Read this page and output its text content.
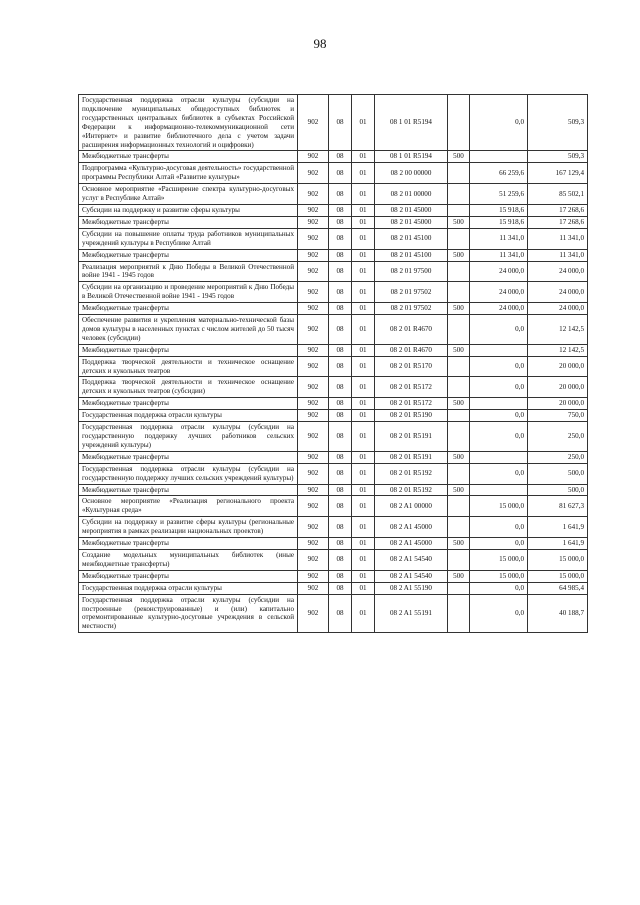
98
Государственная поддержка отрасли культуры (субсидии на подключение муниципальных общедоступных библиотек и государственных центральных библиотек в субъектах Российской Федерации к информационно-телекоммуникационной сети «Интернет» и развитие библиотечного дела с учетом задачи расширения информационных технологий и оцифровки)	902	08	01	08 1 01 R5194		0,0	509,3
Межбюджетные трансферты	902	08	01	08 1 01 R5194	500		509,3
Подпрограмма «Культурно-досуговая деятельность» государственной программы Республики Алтай «Развитие культуры»	902	08	01	08 2 00 00000		66 259,6	167 129,4
Основное мероприятие «Расширение спектра культурно-досуговых услуг в Республике Алтай»	902	08	01	08 2 01 00000		51 259,6	85 502,1
Субсидии на поддержку и развитие сферы культуры	902	08	01	08 2 01 45000		15 918,6	17 268,6
Межбюджетные трансферты	902	08	01	08 2 01 45000	500	15 918,6	17 268,6
Субсидии на повышение оплаты труда работников муниципальных учреждений культуры в Республике Алтай	902	08	01	08 2 01 45100		11 341,0	11 341,0
Межбюджетные трансферты	902	08	01	08 2 01 45100	500	11 341,0	11 341,0
Реализация мероприятий к Дню Победы в Великой Отечественной войне 1941 - 1945 годов	902	08	01	08 2 01 97500		24 000,0	24 000,0
Субсидии на организацию и проведение мероприятий к Дню Победы в Великой Отечественной войне 1941 - 1945 годов	902	08	01	08 2 01 97502		24 000,0	24 000,0
Межбюджетные трансферты	902	08	01	08 2 01 97502	500	24 000,0	24 000,0
Обеспечение развития и укрепления материально-технической базы домов культуры в населенных пунктах с числом жителей до 50 тысяч человек (субсидии)	902	08	01	08 2 01 R4670		0,0	12 142,5
Межбюджетные трансферты	902	08	01	08 2 01 R4670	500		12 142,5
Поддержка творческой деятельности и техническое оснащение детских и кукольных театров	902	08	01	08 2 01 R5170		0,0	20 000,0
Поддержка творческой деятельности и техническое оснащение детских и кукольных театров (субсидии)	902	08	01	08 2 01 R5172		0,0	20 000,0
Межбюджетные трансферты	902	08	01	08 2 01 R5172	500		20 000,0
Государственная поддержка отрасли культуры	902	08	01	08 2 01 R5190		0,0	750,0
Государственная поддержка отрасли культуры (субсидии на государственную поддержку лучших работников сельских учреждений культуры)	902	08	01	08 2 01 R5191		0,0	250,0
Межбюджетные трансферты	902	08	01	08 2 01 R5191	500		250,0
Государственная поддержка отрасли культуры (субсидии на государственную поддержку лучших сельских учреждений культуры)	902	08	01	08 2 01 R5192		0,0	500,0
Межбюджетные трансферты	902	08	01	08 2 01 R5192	500		500,0
Основное мероприятие «Реализация регионального проекта «Культурная среда»	902	08	01	08 2 A1 00000		15 000,0	81 627,3
Субсидии на поддержку и развитие сферы культуры (региональные мероприятия в рамках реализации национальных проектов)	902	08	01	08 2 A1 45000		0,0	1 641,9
Межбюджетные трансферты	902	08	01	08 2 A1 45000	500	0,0	1 641,9
Создание модельных муниципальных библиотек (иные межбюджетные трансферты)	902	08	01	08 2 A1 54540		15 000,0	15 000,0
Межбюджетные трансферты	902	08	01	08 2 A1 54540	500	15 000,0	15 000,0
Государственная поддержка отрасли культуры	902	08	01	08 2 A1 55190		0,0	64 985,4
Государственная поддержка отрасли культуры (субсидии на построенные (реконструированные) и (или) капитально отремонтированные культурно-досуговые учреждения в сельской местности)	902	08	01	08 2 A1 55191		0,0	40 188,7
